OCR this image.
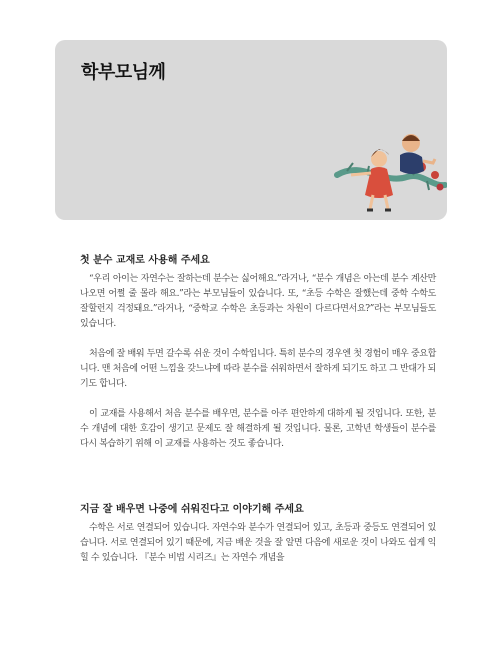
학부모님께
첫 분수 교재로 사용해 주세요

“우리 아이는 자연수는 잘하는데 분수는 싫어해요.”라거나, “분수 개념은 아는데 분수 계산만 나오면 어쩔 줄 몰라 해요.”라는 부모님들이 있습니다. 또, “초등 수학은 잘했는데 중학 수학도 잘할런지 걱정돼요.”라거나, “중학교 수학은 초등과는 차원이 다르다면서요?”라는 부모님들도 있습니다.

처음에 잘 배워 두면 갈수록 쉬운 것이 수학입니다. 특히 분수의 경우엔 첫 경험이 매우 중요합니다. 맨 처음에 어떤 느낌을 갖느냐에 따라 분수를 쉬워하면서 잘하게 되기도 하고 그 반대가 되기도 합니다.

이 교재를 사용해서 처음 분수를 배우면, 분수를 아주 편안하게 대하게 될 것입니다. 또한, 분수 개념에 대한 호감이 생기고 문제도 잘 해결하게 될 것입니다. 물론, 고학년 학생들이 분수를 다시 복습하기 위해 이 교재를 사용하는 것도 좋습니다.

지금 잘 배우면 나중에 쉬워진다고 이야기해 주세요

수학은 서로 연결되어 있습니다. 자연수와 분수가 연결되어 있고, 초등과 중등도 연결되어 있습니다. 서로 연결되어 있기 때문에, 지금 배운 것을 잘 알면 다음에 새로운 것이 나와도 쉽게 익힐 수 있습니다. 『분수 비법 시리즈』는 자연수 개념을
